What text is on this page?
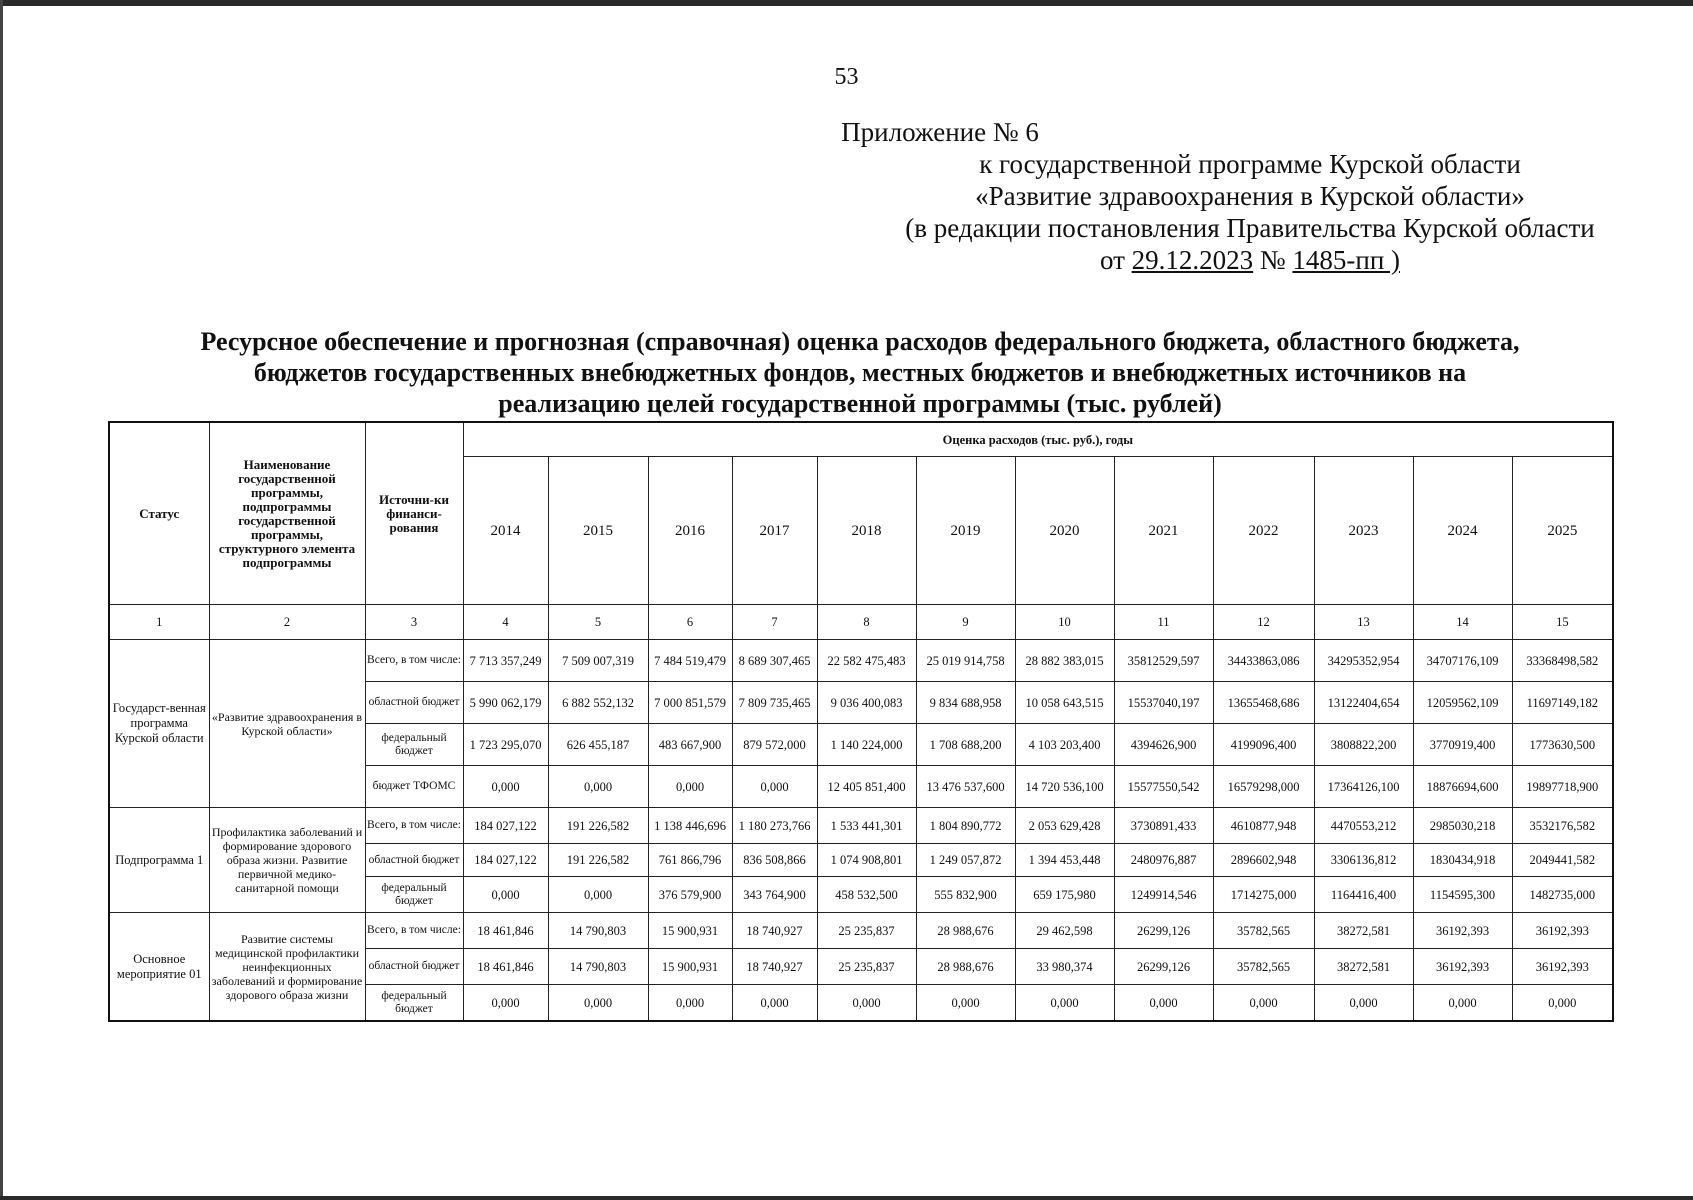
53
Приложение № 6
к государственной программе Курской области
«Развитие здравоохранения в Курской области»
(в редакции постановления Правительства Курской области
от 29.12.2023 № 1485-пп )
Ресурсное обеспечение и прогнозная (справочная) оценка расходов федерального бюджета, областного бюджета,
бюджетов государственных внебюджетных фондов, местных бюджетов и внебюджетных источников на
реализацию целей государственной программы (тыс. рублей)
Статус	Наименование государственной программы, подпрограммы государственной программы, структурного элемента подпрограммы	Источни-ки финанси-рования	Оценка расходов (тыс. руб.), годы											
			2014	2015	2016	2017	2018	2019	2020	2021	2022	2023	2024	2025
1	2	3	4	5	6	7	8	9	10	11	12	13	14	15
Государст-венная программа Курской области	«Развитие здравоохранения в Курской области»	Всего, в том числе:	7 713 357,249	7 509 007,319	7 484 519,479	8 689 307,465	22 582 475,483	25 019 914,758	28 882 383,015	35812529,597	34433863,086	34295352,954	34707176,109	33368498,582
		областной бюджет	5 990 062,179	6 882 552,132	7 000 851,579	7 809 735,465	9 036 400,083	9 834 688,958	10 058 643,515	15537040,197	13655468,686	13122404,654	12059562,109	11697149,182
		федеральный бюджет	1 723 295,070	626 455,187	483 667,900	879 572,000	1 140 224,000	1 708 688,200	4 103 203,400	4394626,900	4199096,400	3808822,200	3770919,400	1773630,500
		бюджет ТФОМС	0,000	0,000	0,000	0,000	12 405 851,400	13 476 537,600	14 720 536,100	15577550,542	16579298,000	17364126,100	18876694,600	19897718,900
Подпрограмма 1	Профилактика заболеваний и формирование здорового образа жизни. Развитие первичной медико-санитарной помощи	Всего, в том числе:	184 027,122	191 226,582	1 138 446,696	1 180 273,766	1 533 441,301	1 804 890,772	2 053 629,428	3730891,433	4610877,948	4470553,212	2985030,218	3532176,582
		областной бюджет	184 027,122	191 226,582	761 866,796	836 508,866	1 074 908,801	1 249 057,872	1 394 453,448	2480976,887	2896602,948	3306136,812	1830434,918	2049441,582
		федеральный бюджет	0,000	0,000	376 579,900	343 764,900	458 532,500	555 832,900	659 175,980	1249914,546	1714275,000	1164416,400	1154595,300	1482735,000
Основное мероприятие 01	Развитие системы медицинской профилактики неинфекционных заболеваний и формирование здорового образа жизни	Всего, в том числе:	18 461,846	14 790,803	15 900,931	18 740,927	25 235,837	28 988,676	29 462,598	26299,126	35782,565	38272,581	36192,393	36192,393
		областной бюджет	18 461,846	14 790,803	15 900,931	18 740,927	25 235,837	28 988,676	33 980,374	26299,126	35782,565	38272,581	36192,393	36192,393
		федеральный бюджет	0,000	0,000	0,000	0,000	0,000	0,000	0,000	0,000	0,000	0,000	0,000	0,000
